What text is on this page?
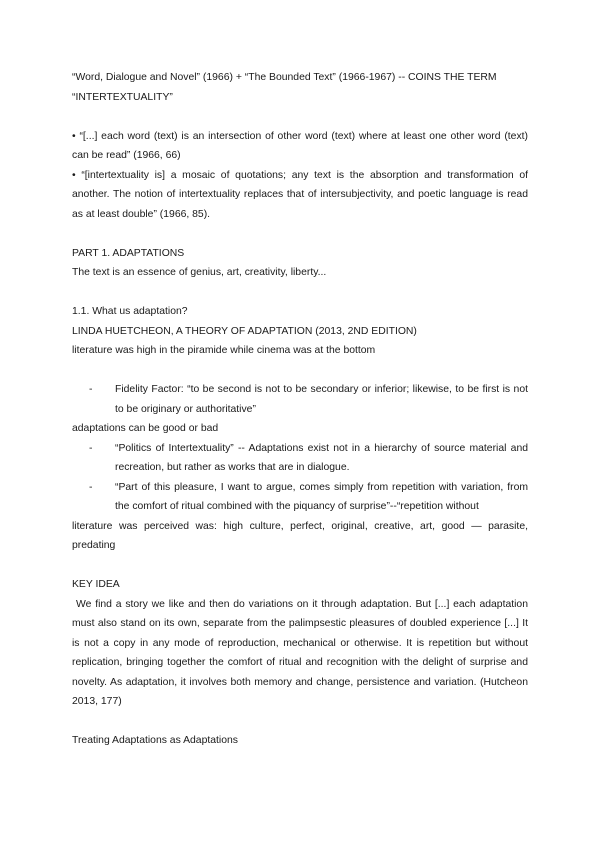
“Word, Dialogue and Novel” (1966) + “The Bounded Text” (1966-1967) -- COINS THE TERM “INTERTEXTUALITY”

• “[...] each word (text) is an intersection of other word (text) where at least one other word (text) can be read” (1966, 66)

• “[intertextuality is] a mosaic of quotations; any text is the absorption and transformation of another. The notion of intertextuality replaces that of intersubjectivity, and poetic language is read as at least double” (1966, 85).

PART 1. ADAPTATIONS

The text is an essence of genius, art, creativity, liberty...

1.1. What us adaptation?

LINDA HUETCHEON, A THEORY OF ADAPTATION (2013, 2ND EDITION)

literature was high in the piramide while cinema was at the bottom

- Fidelity Factor: “to be second is not to be secondary or inferior; likewise, to be first is not to be originary or authoritative”

adaptations can be good or bad

- “Politics of Intertextuality” -- Adaptations exist not in a hierarchy of source material and recreation, but rather as works that are in dialogue.
- “Part of this pleasure, I want to argue, comes simply from repetition with variation, from the comfort of ritual combined with the piquancy of surprise”--“repetition without

literature was perceived was: high culture, perfect, original, creative, art, good — parasite, predating

KEY IDEA

We find a story we like and then do variations on it through adaptation. But [...] each adaptation must also stand on its own, separate from the palimpsestic pleasures of doubled experience [...] It is not a copy in any mode of reproduction, mechanical or otherwise. It is repetition but without replication, bringing together the comfort of ritual and recognition with the delight of surprise and novelty. As adaptation, it involves both memory and change, persistence and variation. (Hutcheon 2013, 177)

Treating Adaptations as Adaptations
